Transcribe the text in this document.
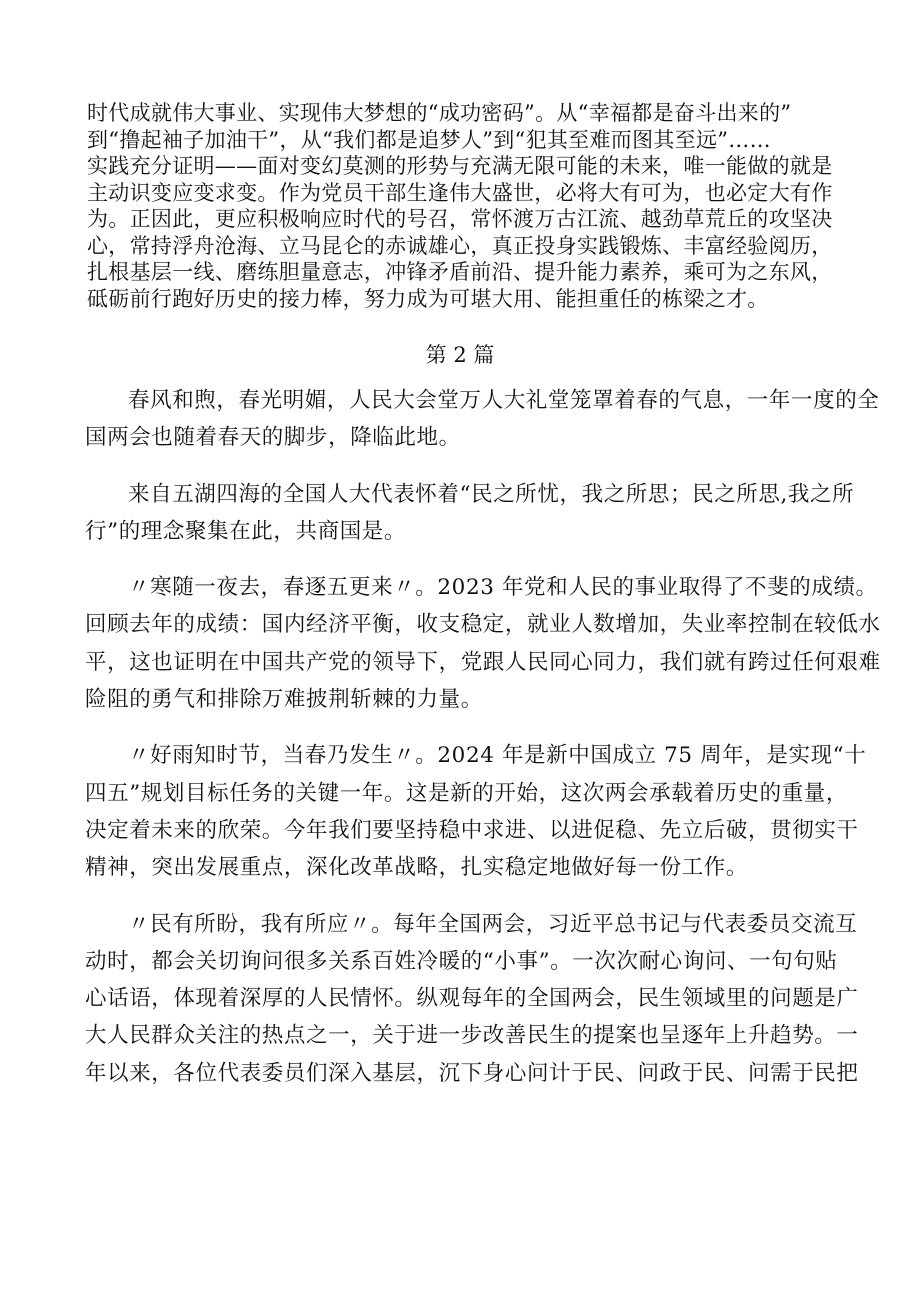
时代成就伟大事业、实现伟大梦想的“成功密码”。从“幸福都是奋斗出来的”
到“撸起袖子加油干”，从“我们都是追梦人”到“犯其至难而图其至远”……
实践充分证明——面对变幻莫测的形势与充满无限可能的未来，唯一能做的就是
主动识变应变求变。作为党员干部生逢伟大盛世，必将大有可为，也必定大有作
为。正因此，更应积极响应时代的号召，常怀渡万古江流、越劲草荒丘的攻坚决
心，常持浮舟沧海、立马昆仑的赤诚雄心，真正投身实践锻炼、丰富经验阅历，
扎根基层一线、磨练胆量意志，冲锋矛盾前沿、提升能力素养，乘可为之东风，
砥砺前行跑好历史的接力棒，努力成为可堪大用、能担重任的栋梁之才。
第 2 篇

春风和煦，春光明媚，人民大会堂万人大礼堂笼罩着春的气息，一年一度的全
国两会也随着春天的脚步，降临此地。

来自五湖四海的全国人大代表怀着“民之所忧，我之所思；民之所思,我之所
行”的理念聚集在此，共商国是。

〃寒随一夜去，春逐五更来〃。2023 年党和人民的事业取得了不斐的成绩。
回顾去年的成绩：国内经济平衡，收支稳定，就业人数增加，失业率控制在较低水
平，这也证明在中国共产党的领导下，党跟人民同心同力，我们就有跨过任何艰难
险阻的勇气和排除万难披荆斩棘的力量。

〃好雨知时节，当春乃发生〃。2024 年是新中国成立 75 周年，是实现“十
四五”规划目标任务的关键一年。这是新的开始，这次两会承载着历史的重量，
决定着未来的欣荣。今年我们要坚持稳中求进、以进促稳、先立后破，贯彻实干
精神，突出发展重点，深化改革战略，扎实稳定地做好每一份工作。

〃民有所盼，我有所应〃。每年全国两会，习近平总书记与代表委员交流互
动时，都会关切询问很多关系百姓冷暖的“小事”。一次次耐心询问、一句句贴
心话语，体现着深厚的人民情怀。纵观每年的全国两会，民生领域里的问题是广
大人民群众关注的热点之一，关于进一步改善民生的提案也呈逐年上升趋势。一
年以来，各位代表委员们深入基层，沉下身心问计于民、问政于民、问需于民把
